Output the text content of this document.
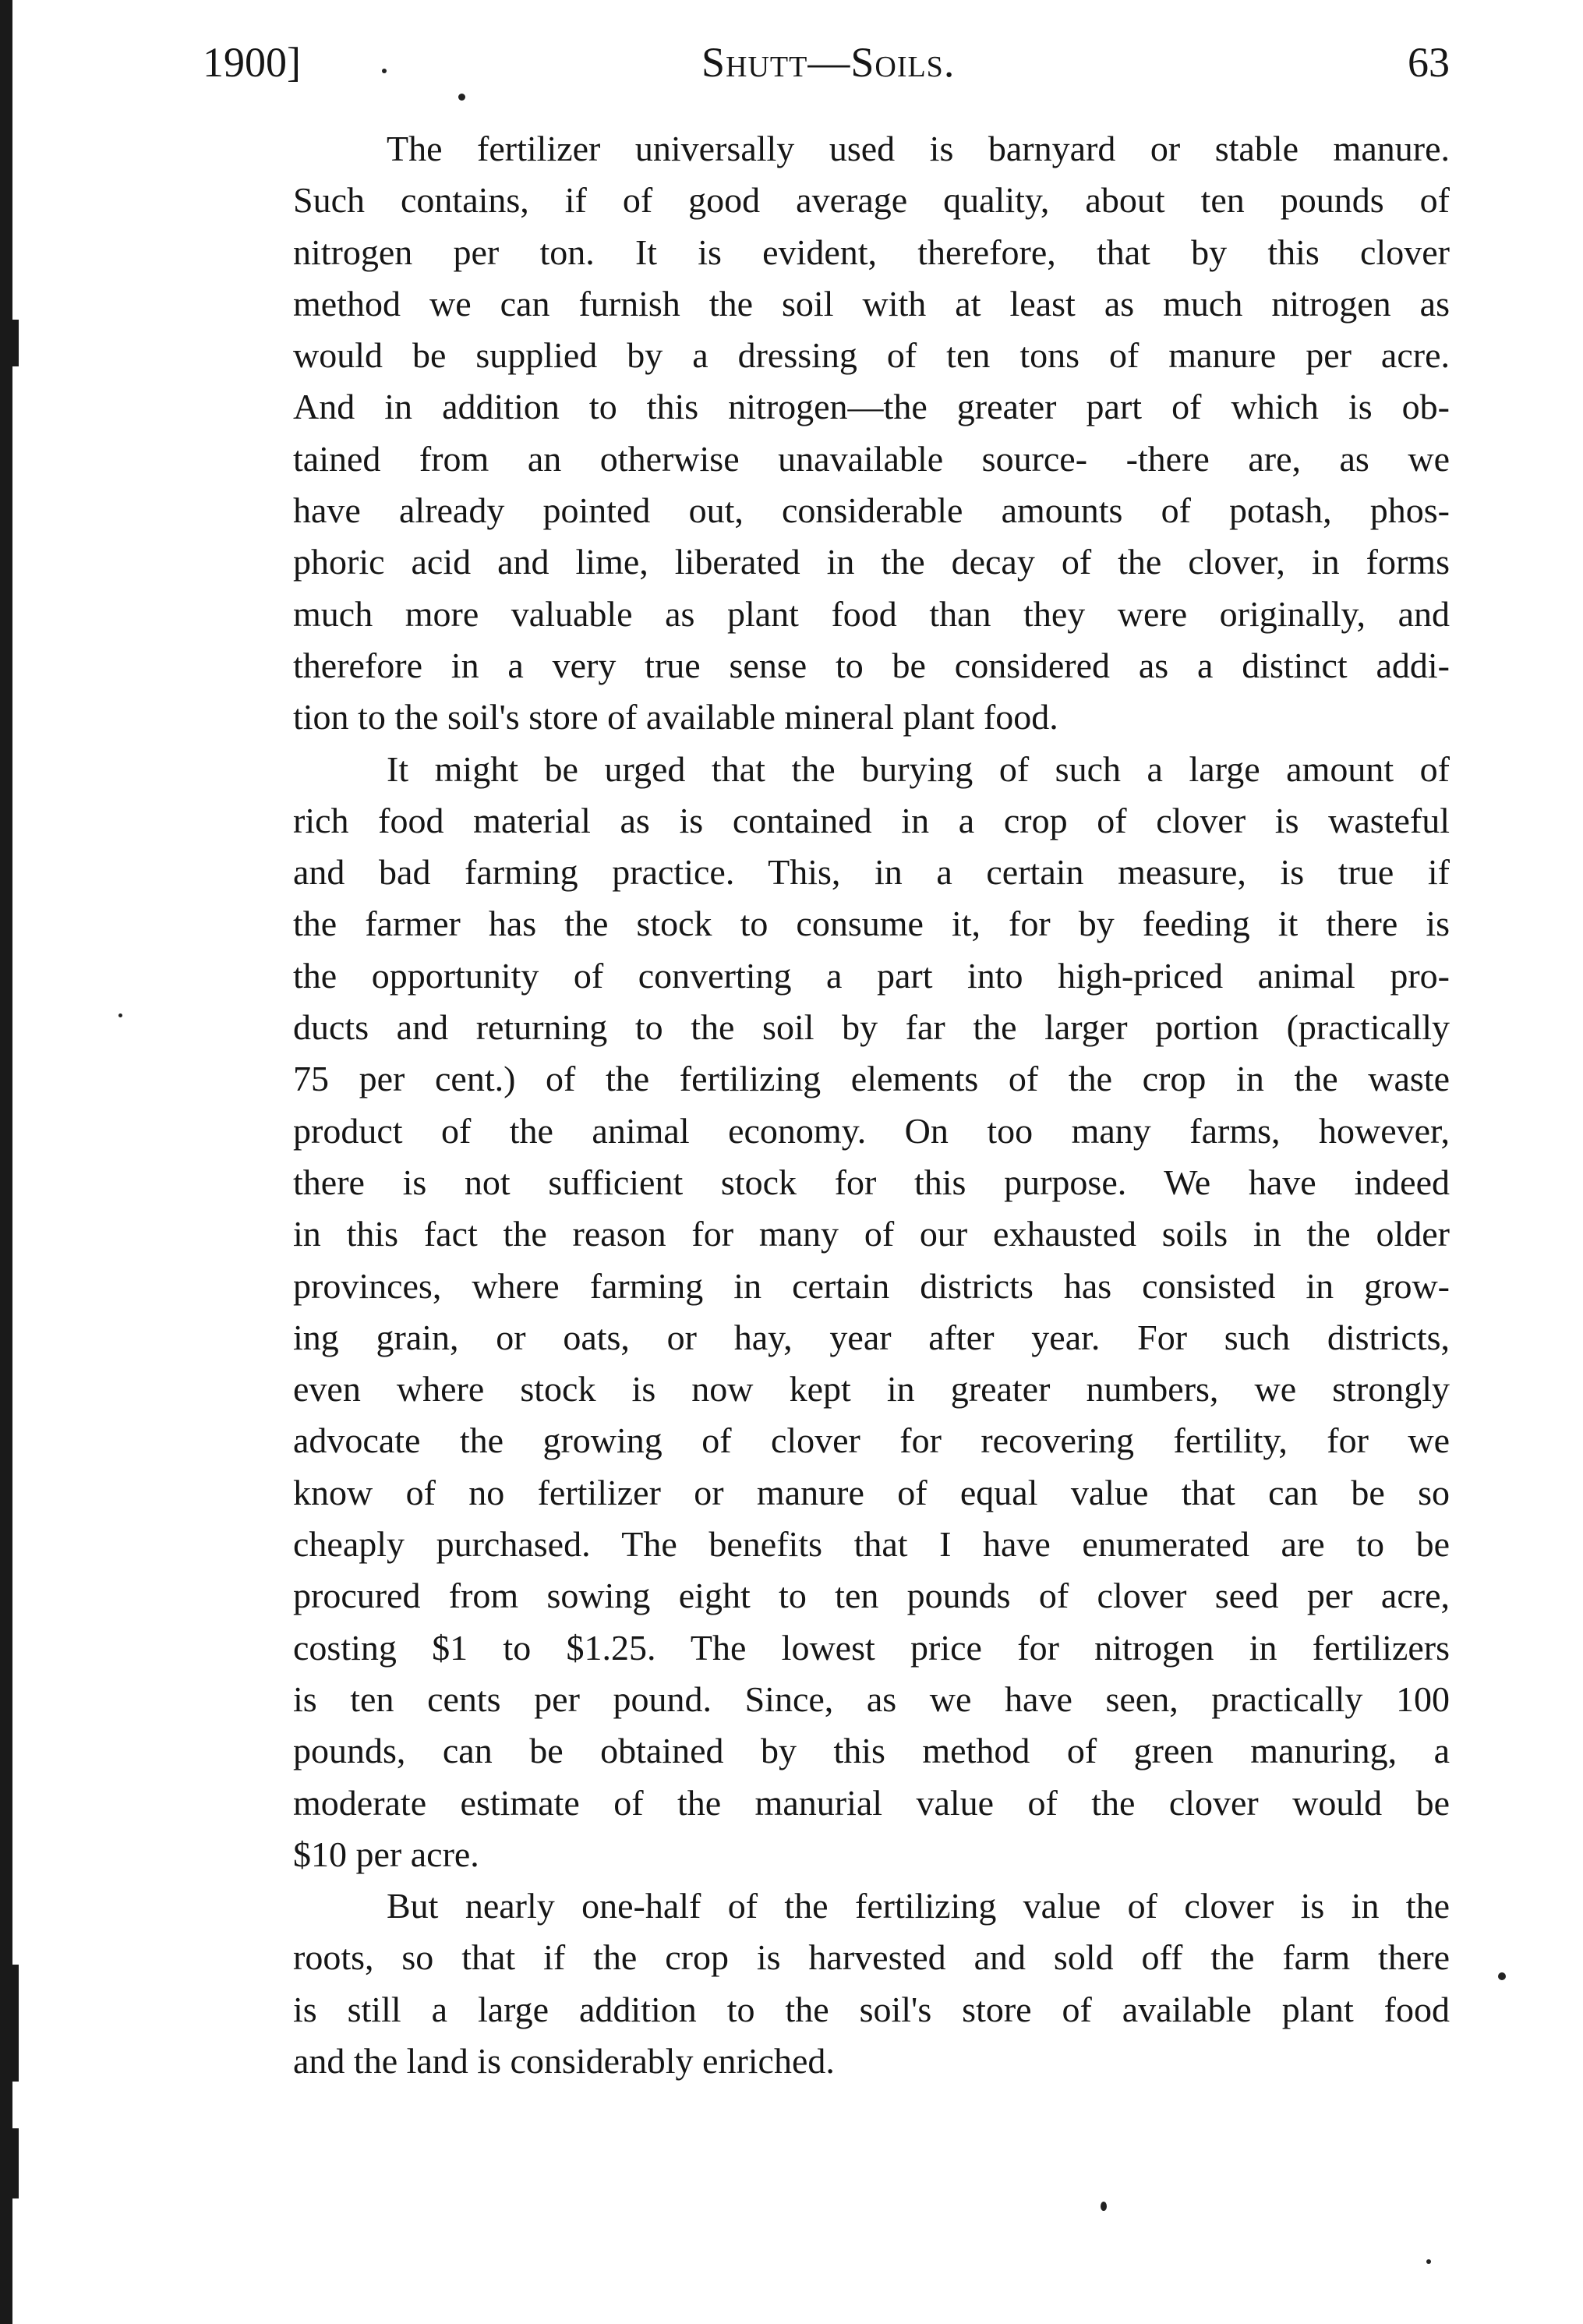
1900]	Shutt—Soils.	63
The fertilizer universally used is barnyard or stable manure.
Such contains, if of good average quality, about ten pounds of
nitrogen per ton. It is evident, therefore, that by this clover
method we can furnish the soil with at least as much nitrogen as
would be supplied by a dressing of ten tons of manure per acre.
And in addition to this nitrogen—the greater part of which is ob-
tained from an otherwise unavailable source- -there are, as we
have already pointed out, considerable amounts of potash, phos-
phoric acid and lime, liberated in the decay of the clover, in forms
much more valuable as plant food than they were originally, and
therefore in a very true sense to be considered as a distinct addi-
tion to the soil's store of available mineral plant food.
It might be urged that the burying of such a large amount of
rich food material as is contained in a crop of clover is wasteful
and bad farming practice. This, in a certain measure, is true if
the farmer has the stock to consume it, for by feeding it there is
the opportunity of converting a part into high-priced animal pro-
ducts and returning to the soil by far the larger portion (practically
75 per cent.) of the fertilizing elements of the crop in the waste
product of the animal economy. On too many farms, however,
there is not sufficient stock for this purpose. We have indeed
in this fact the reason for many of our exhausted soils in the older
provinces, where farming in certain districts has consisted in grow-
ing grain, or oats, or hay, year after year. For such districts,
even where stock is now kept in greater numbers, we strongly
advocate the growing of clover for recovering fertility, for we
know of no fertilizer or manure of equal value that can be so
cheaply purchased. The benefits that I have enumerated are to be
procured from sowing eight to ten pounds of clover seed per acre,
costing $1 to $1.25. The lowest price for nitrogen in fertilizers
is ten cents per pound. Since, as we have seen, practically 100
pounds, can be obtained by this method of green manuring, a
moderate estimate of the manurial value of the clover would be
$10 per acre.
But nearly one-half of the fertilizing value of clover is in the
roots, so that if the crop is harvested and sold off the farm there
is still a large addition to the soil's store of available plant food
and the land is considerably enriched.
